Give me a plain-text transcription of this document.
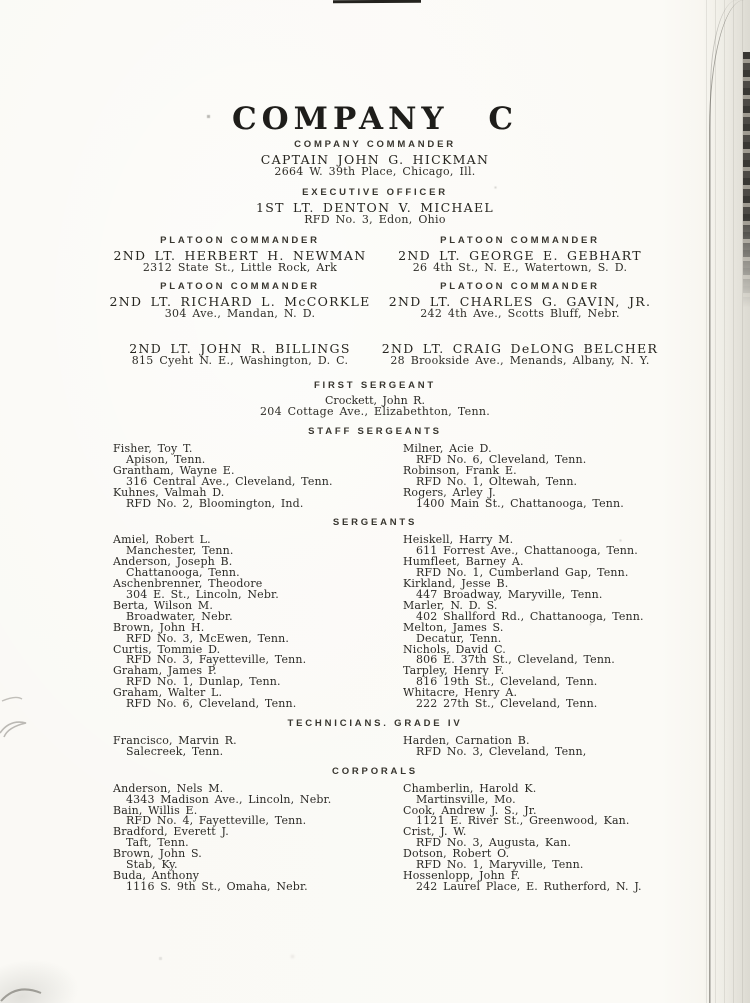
COMPANY C
COMPANY COMMANDER
CAPTAIN JOHN G. HICKMAN
2664 W. 39th Place, Chicago, Ill.
EXECUTIVE OFFICER
1ST LT. DENTON V. MICHAEL
RFD No. 3, Edon, Ohio
PLATOON COMMANDER
2ND LT. HERBERT H. NEWMAN
2312 State St., Little Rock, Ark
PLATOON COMMANDER
2ND LT. GEORGE E. GEBHART
26 4th St., N. E., Watertown, S. D.
PLATOON COMMANDER
2ND LT. RICHARD L. McCORKLE
304 Ave., Mandan, N. D.
PLATOON COMMANDER
2ND LT. CHARLES G. GAVIN, JR.
242 4th Ave., Scotts Bluff, Nebr.
2ND LT. JOHN R. BILLINGS
815 Cyeht N. E., Washington, D. C.
2ND LT. CRAIG DeLONG BELCHER
28 Brookside Ave., Menands, Albany, N. Y.
FIRST SERGEANT
Crockett, John R.
204 Cottage Ave., Elizabethton, Tenn.
STAFF SERGEANTS
Fisher, Toy T.
Apison, Tenn.
Grantham, Wayne E.
316 Central Ave., Cleveland, Tenn.
Kuhnes, Valmah D.
RFD No. 2, Bloomington, Ind.
Milner, Acie D.
RFD No. 6, Cleveland, Tenn.
Robinson, Frank E.
RFD No. 1, Oltewah, Tenn.
Rogers, Arley J.
1400 Main St., Chattanooga, Tenn.
SERGEANTS
Amiel, Robert L.
Manchester, Tenn.
Anderson, Joseph B.
Chattanooga, Tenn.
Aschenbrenner, Theodore
304 E. St., Lincoln, Nebr.
Berta, Wilson M.
Broadwater, Nebr.
Brown, John H.
RFD No. 3, McEwen, Tenn.
Curtis, Tommie D.
RFD No. 3, Fayetteville, Tenn.
Graham, James P.
RFD No. 1, Dunlap, Tenn.
Graham, Walter L.
RFD No. 6, Cleveland, Tenn.
Heiskell, Harry M.
611 Forrest Ave., Chattanooga, Tenn.
Humfleet, Barney A.
RFD No. 1, Cumberland Gap, Tenn.
Kirkland, Jesse B.
447 Broadway, Maryville, Tenn.
Marler, N. D. S.
402 Shallford Rd., Chattanooga, Tenn.
Melton, James S.
Decatur, Tenn.
Nichols, David C.
806 E. 37th St., Cleveland, Tenn.
Tarpley, Henry F.
816 19th St., Cleveland, Tenn.
Whitacre, Henry A.
222 27th St., Cleveland, Tenn.
TECHNICIANS. GRADE IV
Francisco, Marvin R.
Salecreek, Tenn.
Harden, Carnation B.
RFD No. 3, Cleveland, Tenn,
CORPORALS
Anderson, Nels M.
4343 Madison Ave., Lincoln, Nebr.
Bain, Willis E.
RFD No. 4, Fayetteville, Tenn.
Bradford, Everett J.
Taft, Tenn.
Brown, John S.
Stab, Ky.
Buda, Anthony
1116 S. 9th St., Omaha, Nebr.
Chamberlin, Harold K.
Martinsville, Mo.
Cook, Andrew J. S., Jr.
1121 E. River St., Greenwood, Kan.
Crist, J. W.
RFD No. 3, Augusta, Kan.
Dotson, Robert O.
RFD No. 1, Maryville, Tenn.
Hossenlopp, John F.
242 Laurel Place, E. Rutherford, N. J.
